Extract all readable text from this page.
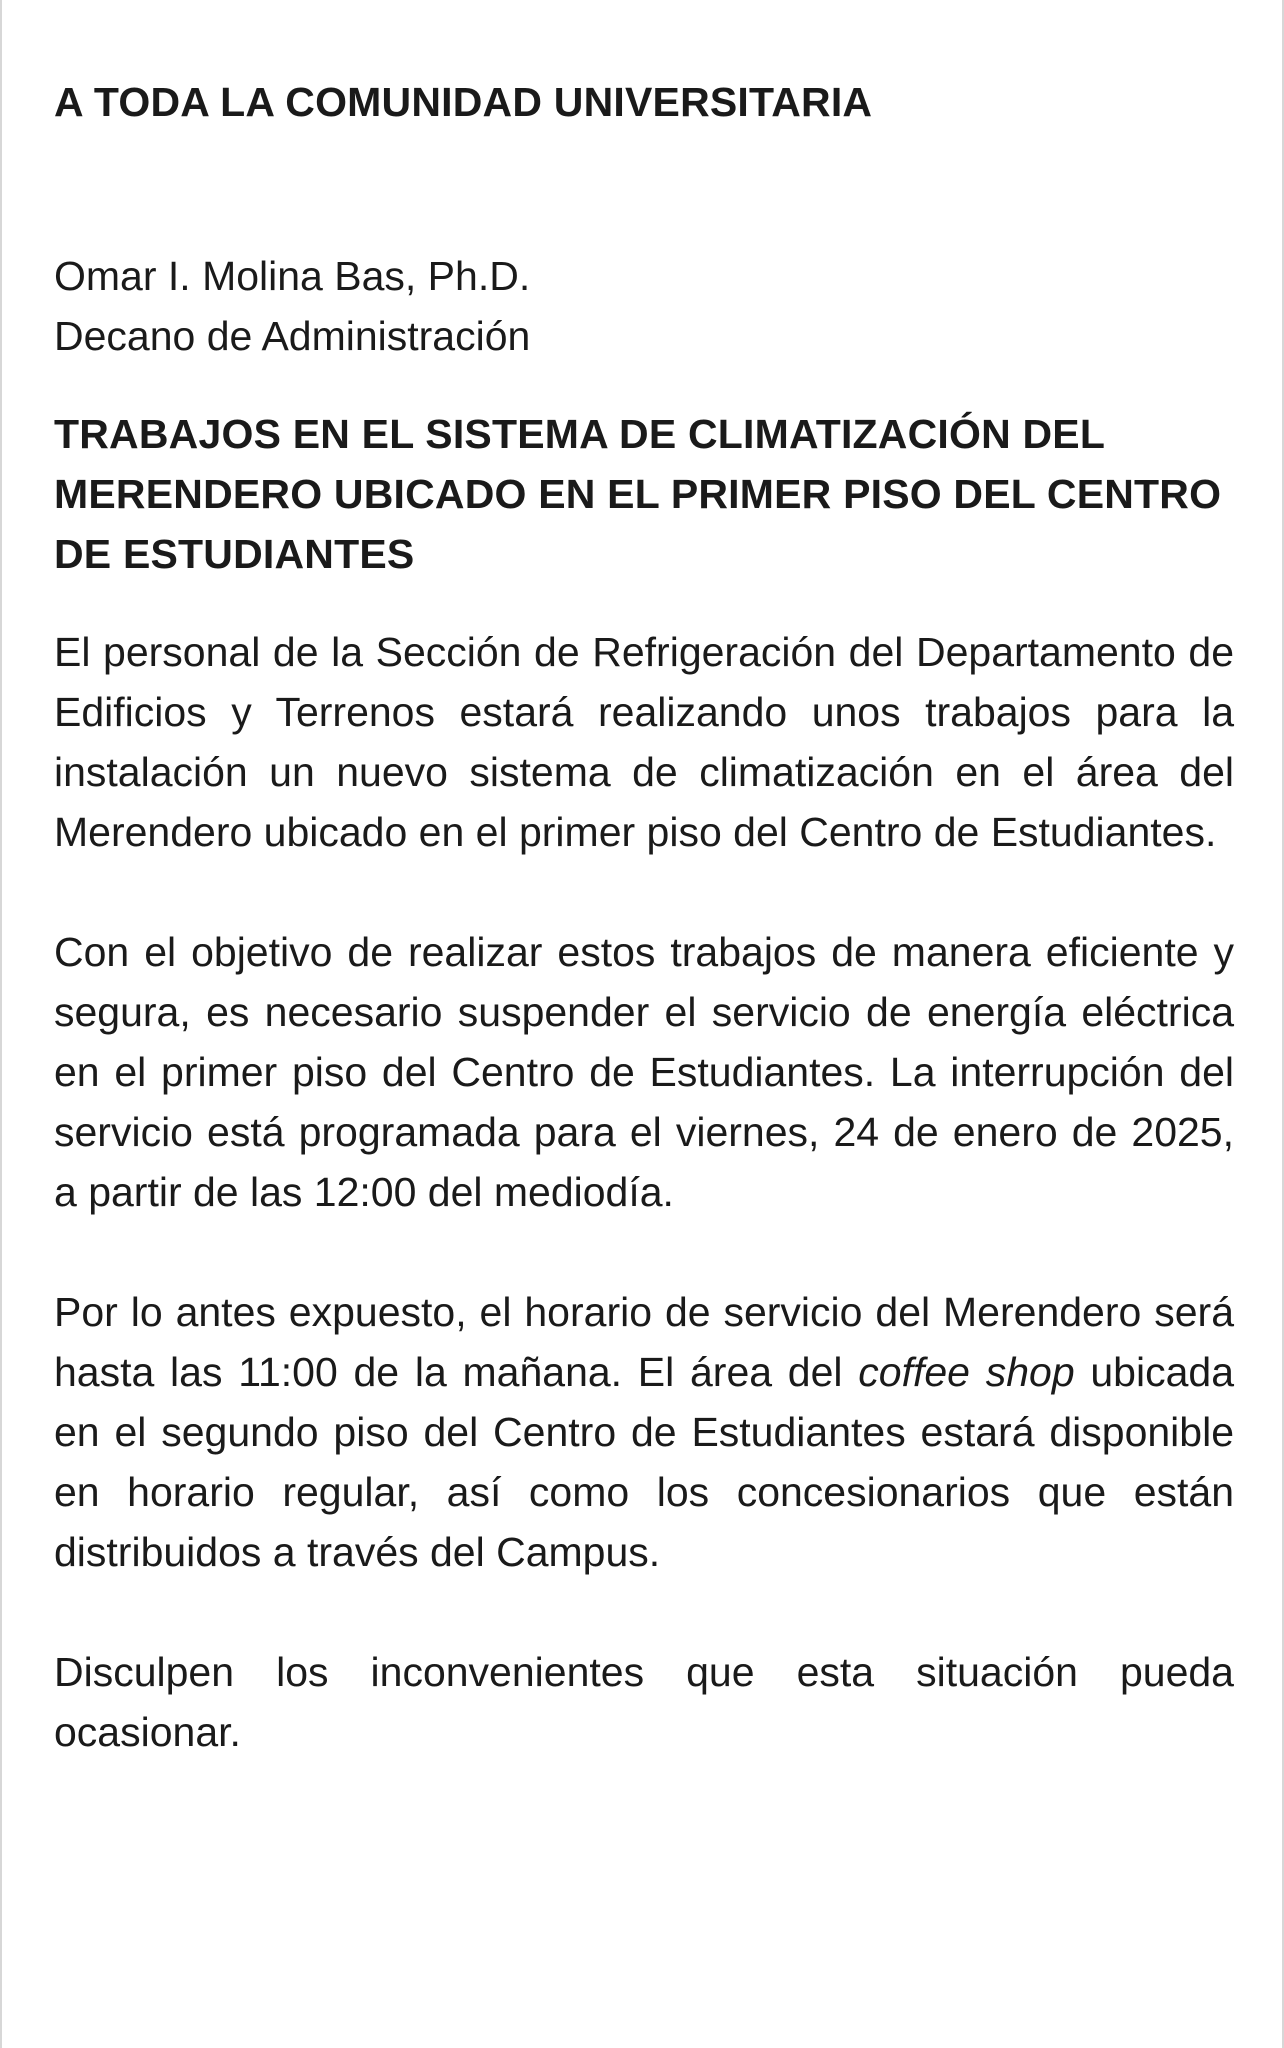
A TODA LA COMUNIDAD UNIVERSITARIA
Omar I. Molina Bas, Ph.D.
Decano de Administración
TRABAJOS EN EL SISTEMA DE CLIMATIZACIÓN DEL MERENDERO UBICADO EN EL PRIMER PISO DEL CENTRO DE ESTUDIANTES

El personal de la Sección de Refrigeración del Departamento de Edificios y Terrenos estará realizando unos trabajos para la instalación un nuevo sistema de climatización en el área del Merendero ubicado en el primer piso del Centro de Estudiantes.

Con el objetivo de realizar estos trabajos de manera eficiente y segura, es necesario suspender el servicio de energía eléctrica en el primer piso del Centro de Estudiantes. La interrupción del servicio está programada para el viernes, 24 de enero de 2025, a partir de las 12:00 del mediodía.

Por lo antes expuesto, el horario de servicio del Merendero será hasta las 11:00 de la mañana. El área del coffee shop ubicada en el segundo piso del Centro de Estudiantes estará disponible en horario regular, así como los concesionarios que están distribuidos a través del Campus.

Disculpen los inconvenientes que esta situación pueda ocasionar.
